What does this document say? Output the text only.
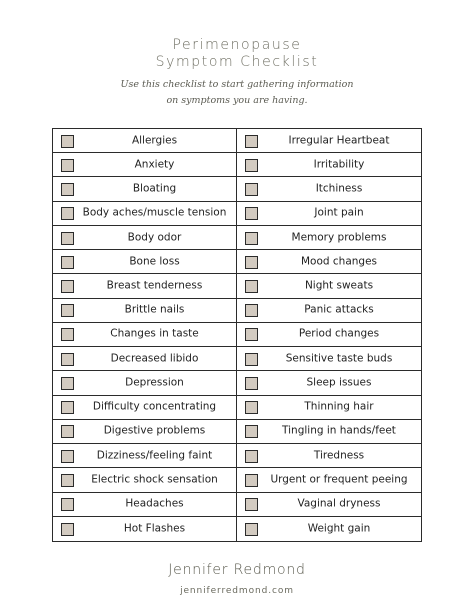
Perimenopause
Symptom Checklist
Use this checklist to start gathering information
on symptoms you are having.
Allergies	Irregular Heartbeat
Anxiety	Irritability
Bloating	Itchiness
Body aches/muscle tension	Joint pain
Body odor	Memory problems
Bone loss	Mood changes
Breast tenderness	Night sweats
Brittle nails	Panic attacks
Changes in taste	Period changes
Decreased libido	Sensitive taste buds
Depression	Sleep issues
Difficulty concentrating	Thinning hair
Digestive problems	Tingling in hands/feet
Dizziness/feeling faint	Tiredness
Electric shock sensation	Urgent or frequent peeing
Headaches	Vaginal dryness
Hot Flashes	Weight gain
Jennifer Redmond
jenniferredmond.com
